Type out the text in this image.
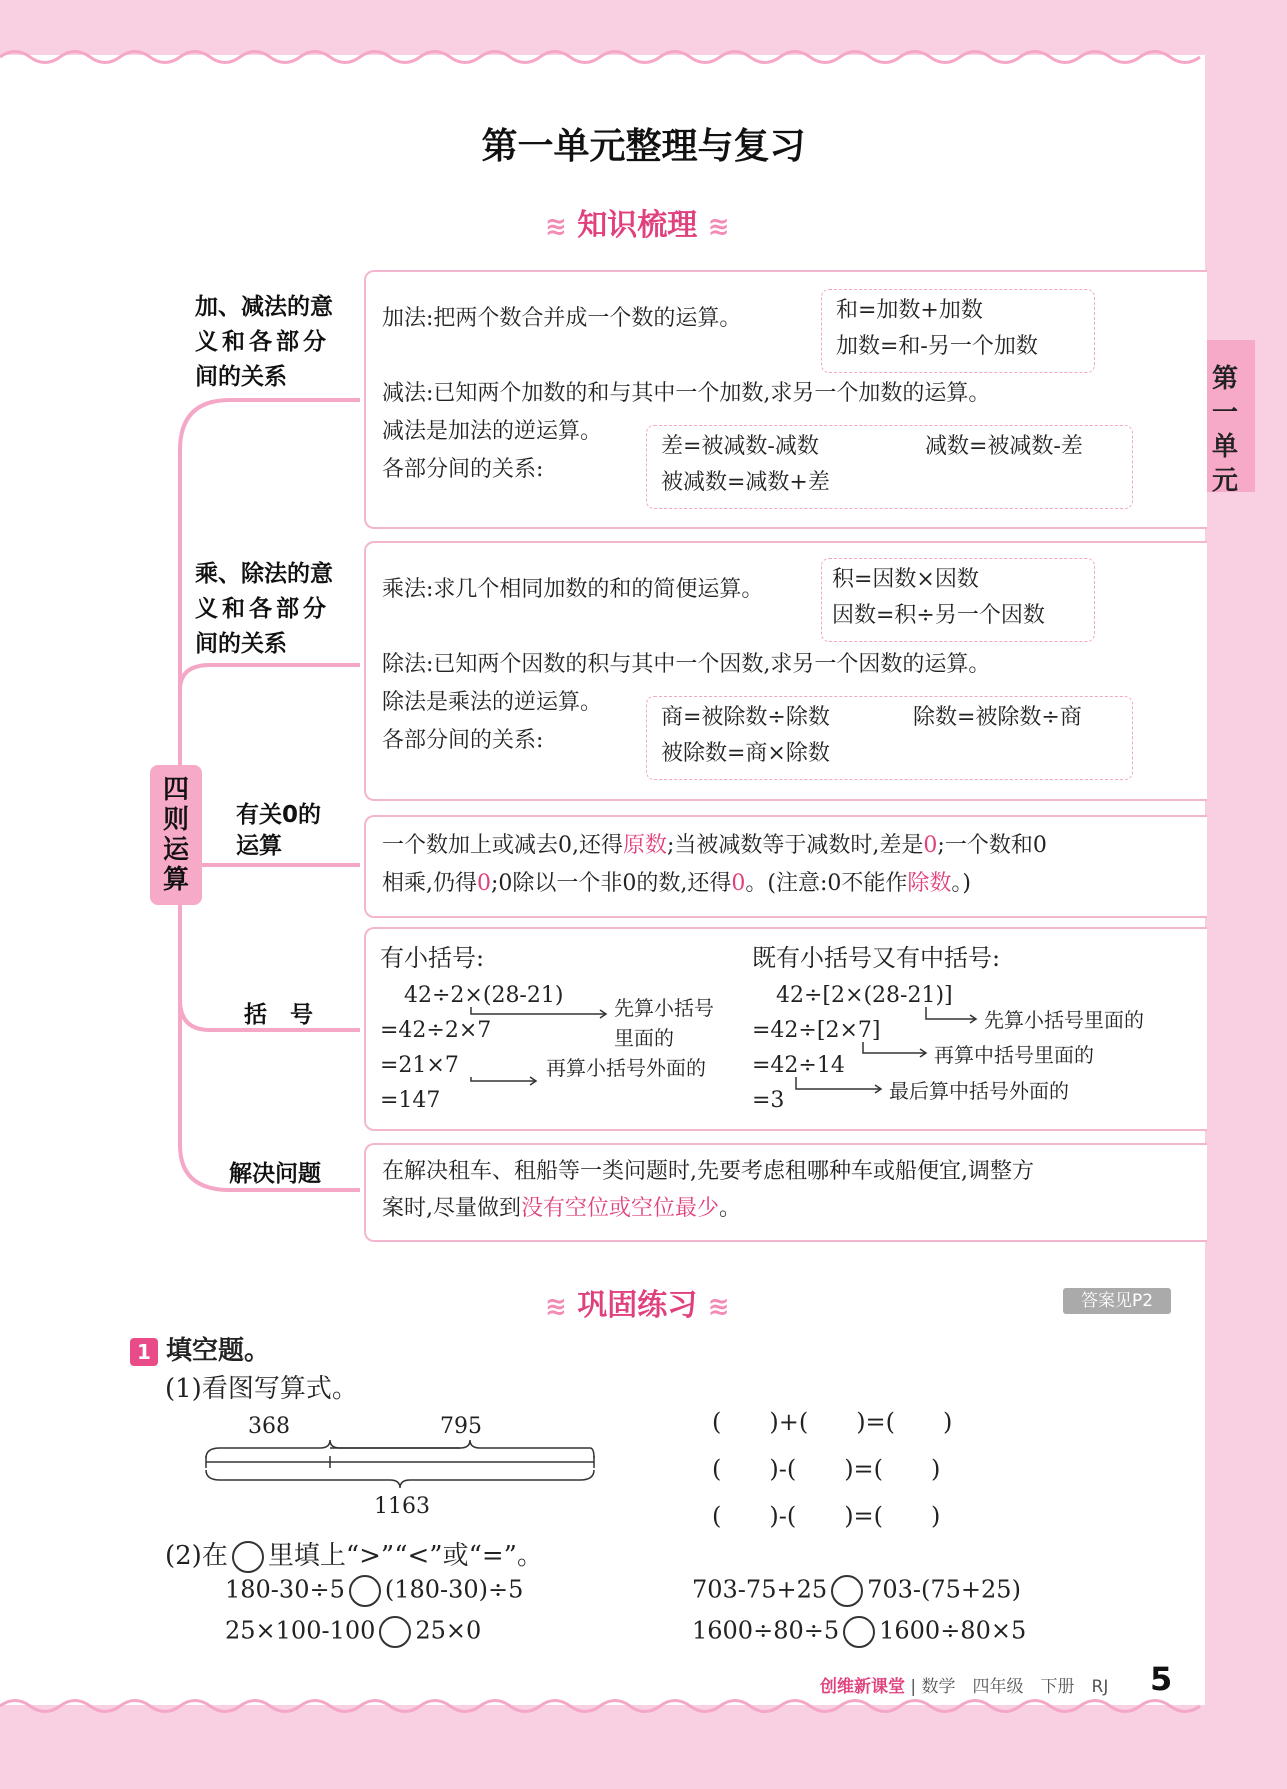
第一单元整理与复习
第一单元
≋ 知识梳理 ≋
四则运算
加、减法的意
义和各部分
间的关系
乘、除法的意
义和各部分
间的关系
有关0的
运算
括　号
解决问题
加法:把两个数合并成一个数的运算。	和=加数+加数
加数=和-另一个加数
减法:已知两个加数的和与其中一个加数,求另一个加数的运算。
减法是加法的逆运算。
各部分间的关系:
差=被减数-减数	减数=被减数-差
被减数=减数+差
乘法:求几个相同加数的和的简便运算。	积=因数×因数
因数=积÷另一个因数
除法:已知两个因数的积与其中一个因数,求另一个因数的运算。
除法是乘法的逆运算。
各部分间的关系:
商=被除数÷除数	除数=被除数÷商
被除数=商×除数
一个数加上或减去0,还得原数;当被减数等于减数时,差是0;一个数和0
相乘,仍得0;0除以一个非0的数,还得0。(注意:0不能作除数。)
有小括号:	既有小括号又有中括号:
42÷2×(28-21)
=42÷2×7
=21×7
=147
先算小括号
里面的
再算小括号外面的
42÷[2×(28-21)]
=42÷[2×7]
=42÷14
=3
先算小括号里面的
再算中括号里面的
最后算中括号外面的
在解决租车、租船等一类问题时,先要考虑租哪种车或船便宜,调整方
案时,尽量做到没有空位或空位最少。
≋ 巩固练习 ≋	答案见P2
1 填空题。
(1)看图写算式。
368	795
1163
(　　)+(　　)=(　　)
(　　)-(　　)=(　　)
(　　)-(　　)=(　　)
(2)在 里填上“>”“<”或“=”。
180-30÷5 (180-30)÷5	703-75+25 703-(75+25)
25×100-100 25×0	1600÷80÷5 1600÷80×5
创维新课堂 | 数学　四年级　下册　RJ 5
